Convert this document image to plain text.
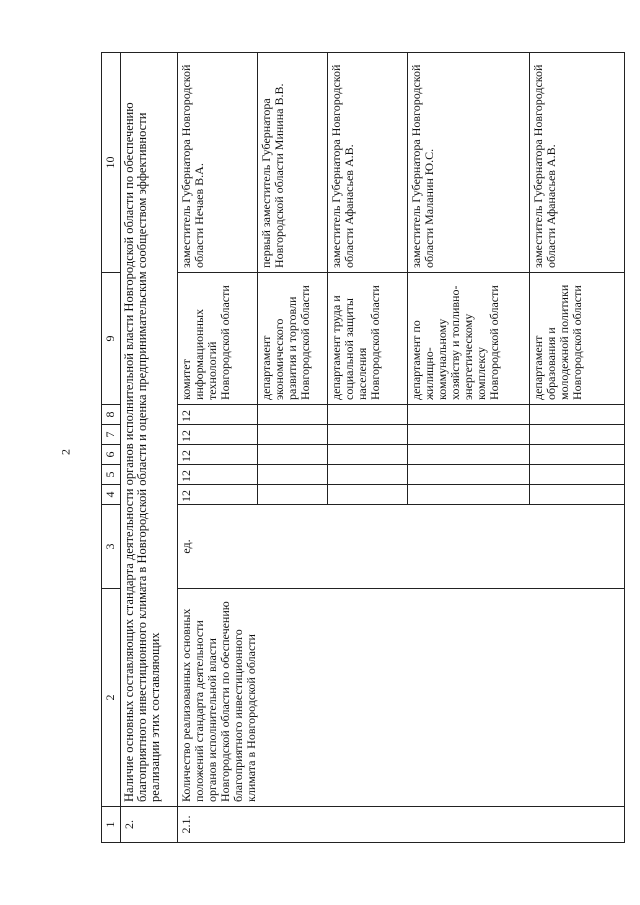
2
1	2	3	4	5	6	7	8	9	10
2.	Наличие основных составляющих стандарта деятельности органов исполнительной власти Новгородской области по обеспечению благоприятного инвестиционного климата в Новгородской области и оценка предпринимательским сообществом эффективности реализации этих составляющих								
2.1.	Количество реализованных основных положений стандарта деятельности органов исполнительной власти Новгородской области по обеспечению благоприятного инвестиционного климата в Новгородской области	ед.	12	12	12	12	12	комитет информационных технологий Новгородской области	заместитель Губернатора Новгородской области Нечаев В.А.
								департамент экономического развития и торговли Новгородской области	первый заместитель Губернатора Новгородской области Минина В.В.
								департамент труда и социальной защиты населения Новгородской области	заместитель Губернатора Новгородской области Афанасьев А.В.
								департамент по жилищно-коммунальному хозяйству и топливно-энергетическому комплексу Новгородской области	заместитель Губернатора Новгородской области Маланин Ю.С.
								департамент образования и молодежной политики Новгородской области	заместитель Губернатора Новгородской области Афанасьев А.В.
